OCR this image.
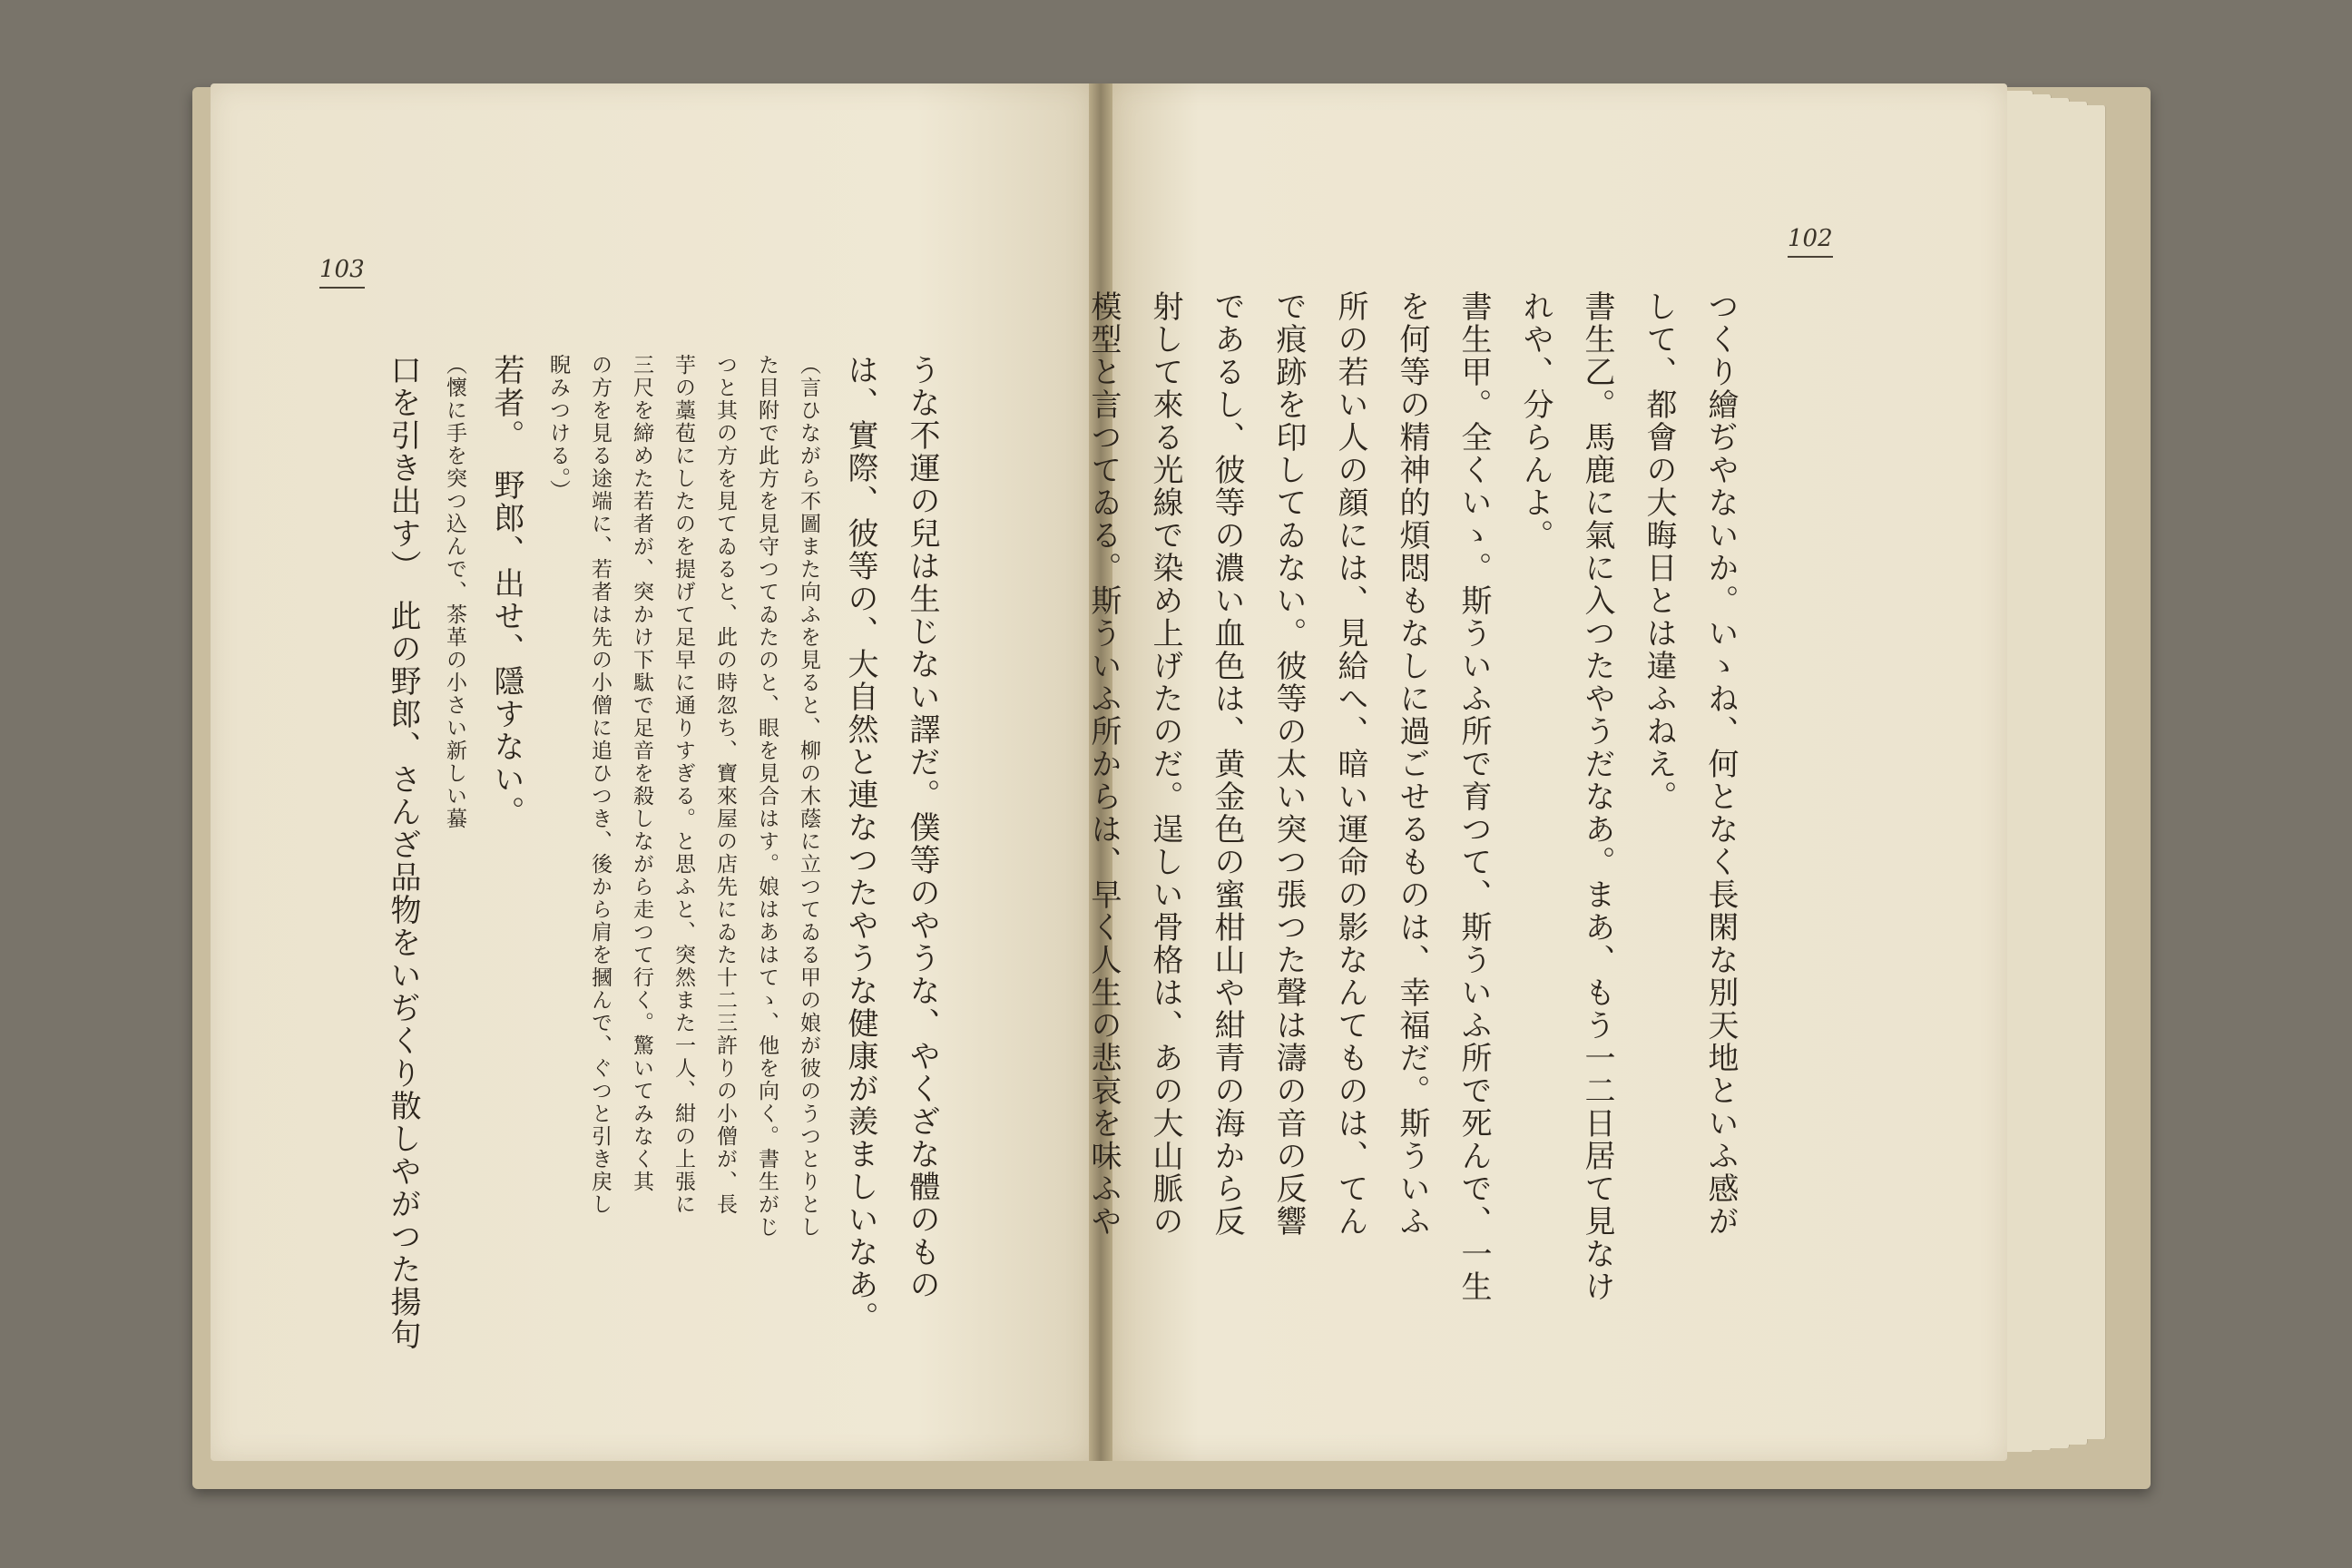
103
102

うな不運の兒は生じない譯だ。僕等のやうな、やくざな體のもの

は、實際、彼等の、大自然と連なつたやうな健康が羨ましいなあ。

（言ひながら不圖また向ふを見ると、柳の木蔭に立つてゐる甲の娘が彼のうつとりとし

た目附で此方を見守つてゐたのと、眼を見合はす。娘はあはてゝ、他を向く。書生がじ

つと其の方を見てゐると、此の時忽ち、寶來屋の店先にゐた十二三許りの小僧が、長

芋の藁苞にしたのを提げて足早に通りすぎる。と思ふと、突然また一人、紺の上張に

三尺を締めた若者が、突かけ下駄で足音を殺しながら走つて行く。驚いてみなく其

の方を見る途端に、若者は先の小僧に追ひつき、後から肩を摑んで、ぐつと引き戻し

睨みつける。）

若者。　野郎、出せ、隱すない。

（懷に手を突つ込んで、茶革の小さい新しい蟇

口を引き出す）　此の野郎、さんざ品物をいぢくり散しやがつた揚句	つくり繪ぢやないか。いゝね、何となく長閑な別天地といふ感が

して、都會の大晦日とは違ふねえ。

書生乙。馬鹿に氣に入つたやうだなあ。まあ、もう一二日居て見なけ

れや、分らんよ。

書生甲。全くいゝ。斯ういふ所で育つて、斯ういふ所で死んで、一生

を何等の精神的煩悶もなしに過ごせるものは、幸福だ。斯ういふ

所の若い人の顔には、見給へ、暗い運命の影なんてものは、てん

で痕跡を印してゐない。彼等の太い突つ張つた聲は濤の音の反響

であるし、彼等の濃い血色は、黄金色の蜜柑山や紺青の海から反

射して來る光線で染め上げたのだ。逞しい骨格は、あの大山脈の

模型と言つてゐる。斯ういふ所からは、早く人生の悲哀を味ふや
